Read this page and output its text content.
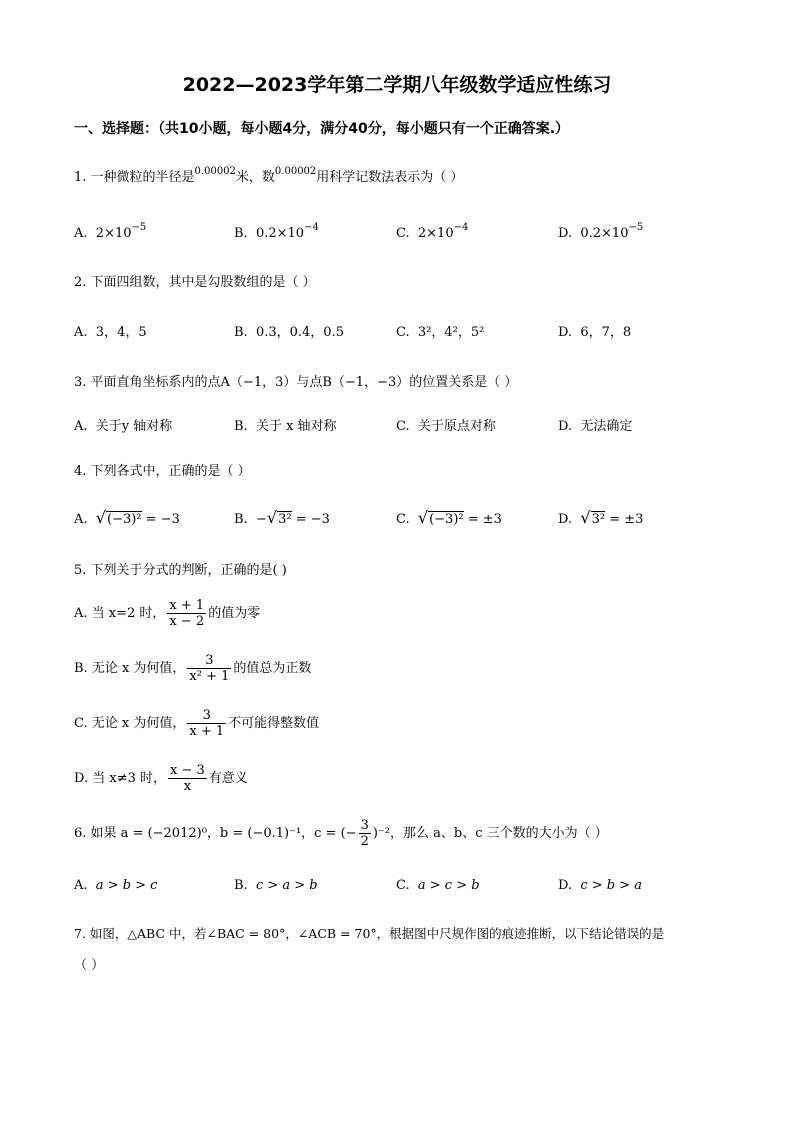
2022—2023学年第二学期八年级数学适应性练习
一、选择题：（共10小题，每小题4分，满分40分，每小题只有一个正确答案.）
1. 一种微粒的半径是$^{0.00002}$米，数$^{0.00002}$用科学记数法表示为（ ）
A. $2\times 10^{-5}$	B. $0.2\times 10^{-4}$	C. $2\times 10^{-4}$	D. $0.2\times 10^{-5}$
2. 下面四组数，其中是勾股数组的是（ ）
A. 3，4，5	B. 0.3，0.4，0.5	C. 3²，4²，5²	D. 6，7，8
3. 平面直角坐标系内的点A（−1，3）与点B（−1，−3）的位置关系是（ ）
A. 关于y 轴对称	B. 关于 x 轴对称	C. 关于原点对称	D. 无法确定
4. 下列各式中，正确的是（ ）
A. √(−3)² = −3	B. −√3² = −3	C. √(−3)² = ±3	D. √3² = ±3
5. 下列关于分式的判断，正确的是( )
A. 当 x=2 时， $\frac{x + 1}{x - 2}$ 的值为零
B. 无论 x 为何值， $\frac{3}{\text{x² + 1}}$ 的值总为正数
C. 无论 x 为何值， $\frac{3}{x + 1}$ 不可能得整数值
D. 当 x≠3 时， $\frac{x - 3}{x}$ 有意义
6. 如果 a = (−2012)⁰，b = (−0.1)⁻¹，c = (− $\frac{3}{2} )^{-2}$，那么 a、b、c 三个数的大小为（ ）
A. a > b > c	B. c > a > b	C. a > c > b	D. c > b > a
7. 如图，△ABC 中，若∠BAC = 80°，∠ACB = 70°，根据图中尺规作图的痕迹推断，以下结论错误的是
（ ）
